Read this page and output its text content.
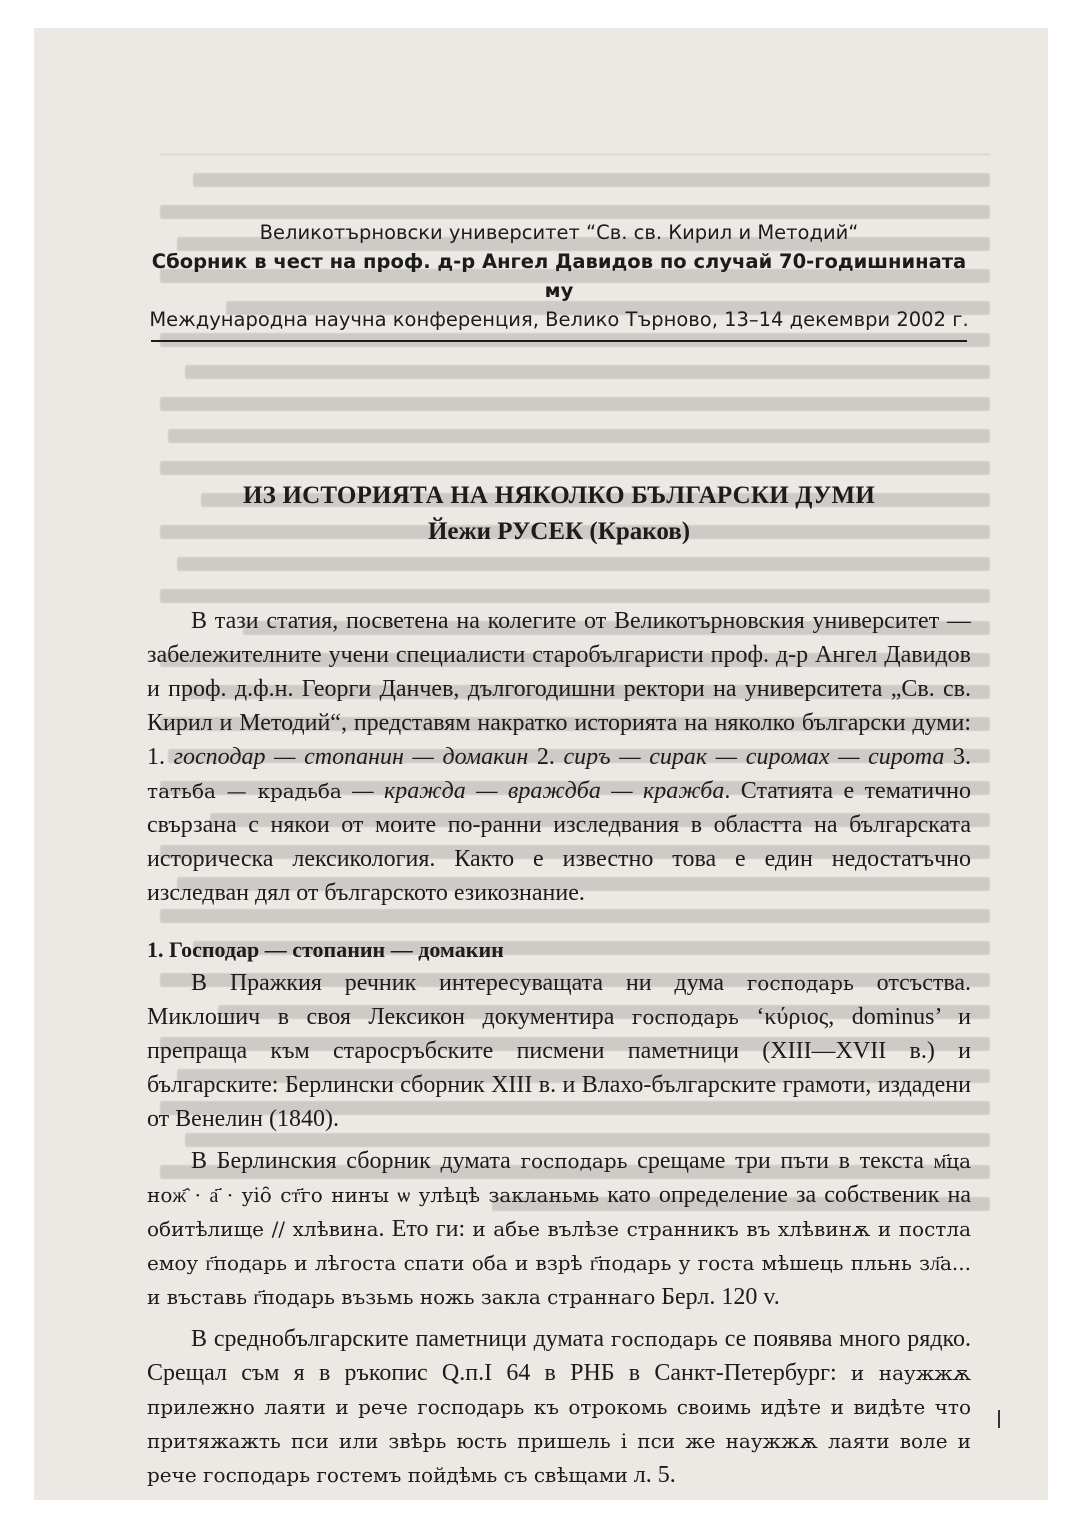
Великотърновски университет “Св. св. Кирил и Методий“
Сборник в чест на проф. д-р Ангел Давидов по случай 70-годишнината му
Международна научна конференция, Велико Търново, 13–14 декември 2002 г.
ИЗ ИСТОРИЯТА НА НЯКОЛКО БЪЛГАРСКИ ДУМИ
Йежи РУСЕК (Краков)

В тази статия, посветена на колегите от Великотърновския университет — забележителните учени специалисти старобългаристи проф. д-р Ангел Давидов и проф. д.ф.н. Георги Данчев, дългогодишни ректори на университета „Св. св. Кирил и Методий“, представям накратко историята на няколко български думи: 1. господар — стопанин — домакин 2. сиръ — сирак — сиромах — сирота 3. татьба — крадьба — кражда — враждба — кражба. Статията е тематично свързана с някои от моите по-ранни изследвания в областта на българската историческа лексикология. Както е известно това е един недостатъчно изследван дял от българското езикознание.

1. Господар — стопанин — домакин

В Пражкия речник интересуващата ни дума господарь отсъства. Миклошич в своя Лексикон документира господарь ‘κύριος, dominus’ и препраща към старосръбските писмени паметници (XIII—XVII в.) и българските: Берлински сборник XIII в. и Влахо-българските грамоти, издадени от Венелин (1840).

В Берлинския сборник думата господарь срещаме три пъти в текста м҃ца нож҄ · а҃ · уіо̑ ст҃го нинꙑ ѡ улѣцѣ закланьмь като определение за собственик на обитѣлище // хлѣвина. Ето ги: и абье вълѣзе странникъ въ хлѣвинѫ и постла емоу г҃подарь и лѣгоста спати оба и взрѣ г҃подарь у госта мѣшець пльнь зл҃а... и въставь г҃подарь възьмь ножь закла страннаго Берл. 120 v.

В среднобългарските паметници думата господарь се появява много рядко. Срещал съм я в ръкопис Q.п.I 64 в РНБ в Санкт-Петербург: и наужжѫ прилежно лаяти и рече господарь къ отрокомь своимь идѣте и видѣте что притяжажть пси или звѣрь юсть пришель і пси же наужжѫ лаяти воле и рече господарь гостемъ пойдѣмь съ свѣщами л. 5.
